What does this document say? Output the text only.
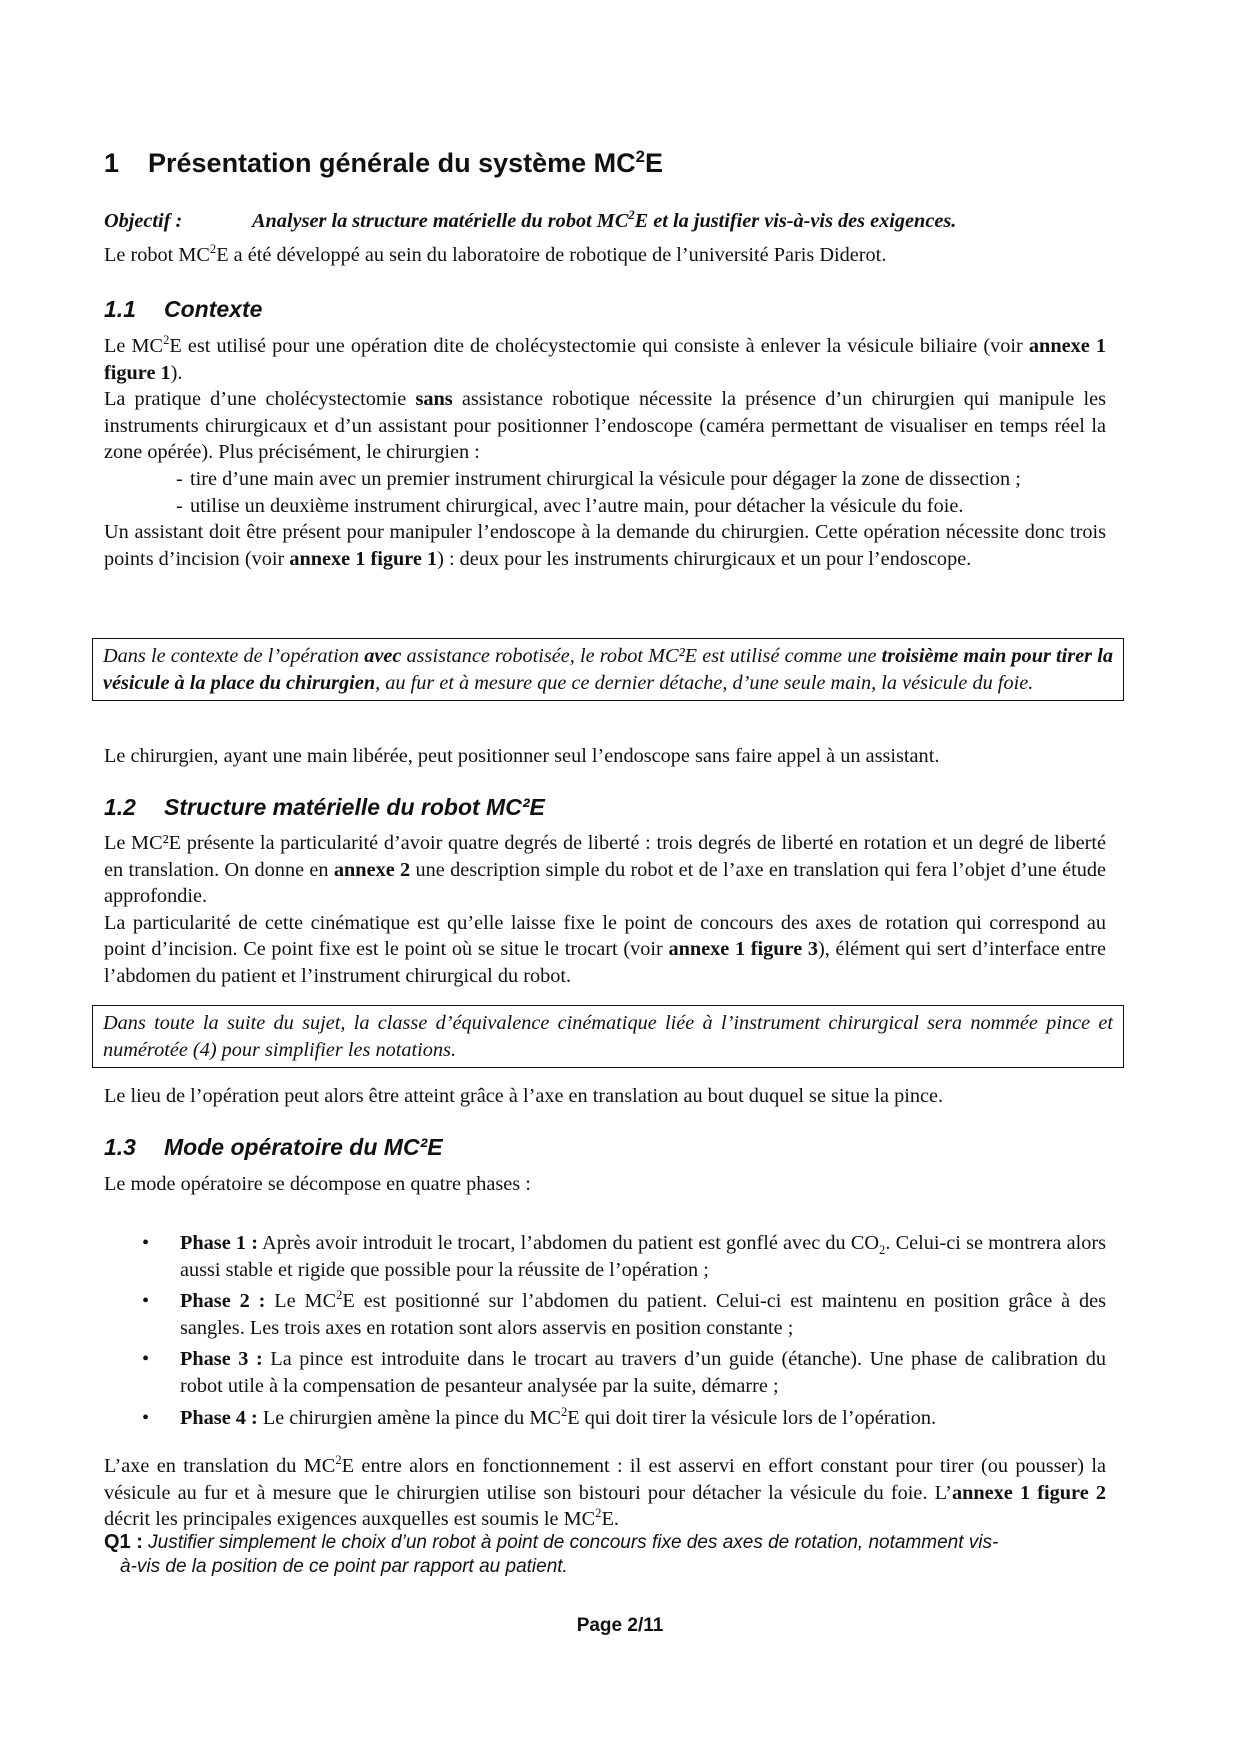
1 Présentation générale du système $MC^2E$
Objectif :	Analyser la structure matérielle du robot $MC^2E$ et la justifier vis-à-vis des exigences.

Le robot $MC^2E$ a été développé au sein du laboratoire de robotique de l’université Paris Diderot.

1.1 Contexte

Le $MC^2E$ est utilisé pour une opération dite de cholécystectomie qui consiste à enlever la vésicule biliaire (voir annexe 1 figure 1).

La pratique d’une cholécystectomie sans assistance robotique nécessite la présence d’un chirurgien qui manipule les instruments chirurgicaux et d’un assistant pour positionner l’endoscope (caméra permettant de visualiser en temps réel la zone opérée). Plus précisément, le chirurgien :

- tire d’une main avec un premier instrument chirurgical la vésicule pour dégager la zone de dissection ;
- utilise un deuxième instrument chirurgical, avec l’autre main, pour détacher la vésicule du foie.

Un assistant doit être présent pour manipuler l’endoscope à la demande du chirurgien. Cette opération nécessite donc trois points d’incision (voir annexe 1 figure 1) : deux pour les instruments chirurgicaux et un pour l’endoscope.

Dans le contexte de l’opération avec assistance robotisée, le robot MC²E est utilisé comme une troisième main pour tirer la vésicule à la place du chirurgien, au fur et à mesure que ce dernier détache, d’une seule main, la vésicule du foie.

Le chirurgien, ayant une main libérée, peut positionner seul l’endoscope sans faire appel à un assistant.

1.2 Structure matérielle du robot MC²E

Le MC²E présente la particularité d’avoir quatre degrés de liberté : trois degrés de liberté en rotation et un degré de liberté en translation. On donne en annexe 2 une description simple du robot et de l’axe en translation qui fera l’objet d’une étude approfondie.

La particularité de cette cinématique est qu’elle laisse fixe le point de concours des axes de rotation qui correspond au point d’incision. Ce point fixe est le point où se situe le trocart (voir annexe 1 figure 3), élément qui sert d’interface entre l’abdomen du patient et l’instrument chirurgical du robot.

Dans toute la suite du sujet, la classe d’équivalence cinématique liée à l’instrument chirurgical sera nommée pince et numérotée (4) pour simplifier les notations.

Le lieu de l’opération peut alors être atteint grâce à l’axe en translation au bout duquel se situe la pince.

1.3 Mode opératoire du MC²E

Le mode opératoire se décompose en quatre phases :

•	Phase 1 : Après avoir introduit le trocart, l’abdomen du patient est gonflé avec du $CO_2$. Celui-ci se montrera alors aussi stable et rigide que possible pour la réussite de l’opération ;
•	Phase 2 : Le $MC^2E$ est positionné sur l’abdomen du patient. Celui-ci est maintenu en position grâce à des sangles. Les trois axes en rotation sont alors asservis en position constante ;
•	Phase 3 : La pince est introduite dans le trocart au travers d’un guide (étanche). Une phase de calibration du robot utile à la compensation de pesanteur analysée par la suite, démarre ;
•	Phase 4 : Le chirurgien amène la pince du $MC^2E$ qui doit tirer la vésicule lors de l’opération.

L’axe en translation du $MC^2E$ entre alors en fonctionnement : il est asservi en effort constant pour tirer (ou pousser) la vésicule au fur et à mesure que le chirurgien utilise son bistouri pour détacher la vésicule du foie. L’annexe 1 figure 2 décrit les principales exigences auxquelles est soumis le $MC^2E$.

Q1 : Justifier simplement le choix d’un robot à point de concours fixe des axes de rotation, notamment vis-
à-vis de la position de ce point par rapport au patient.
Page 2/11
